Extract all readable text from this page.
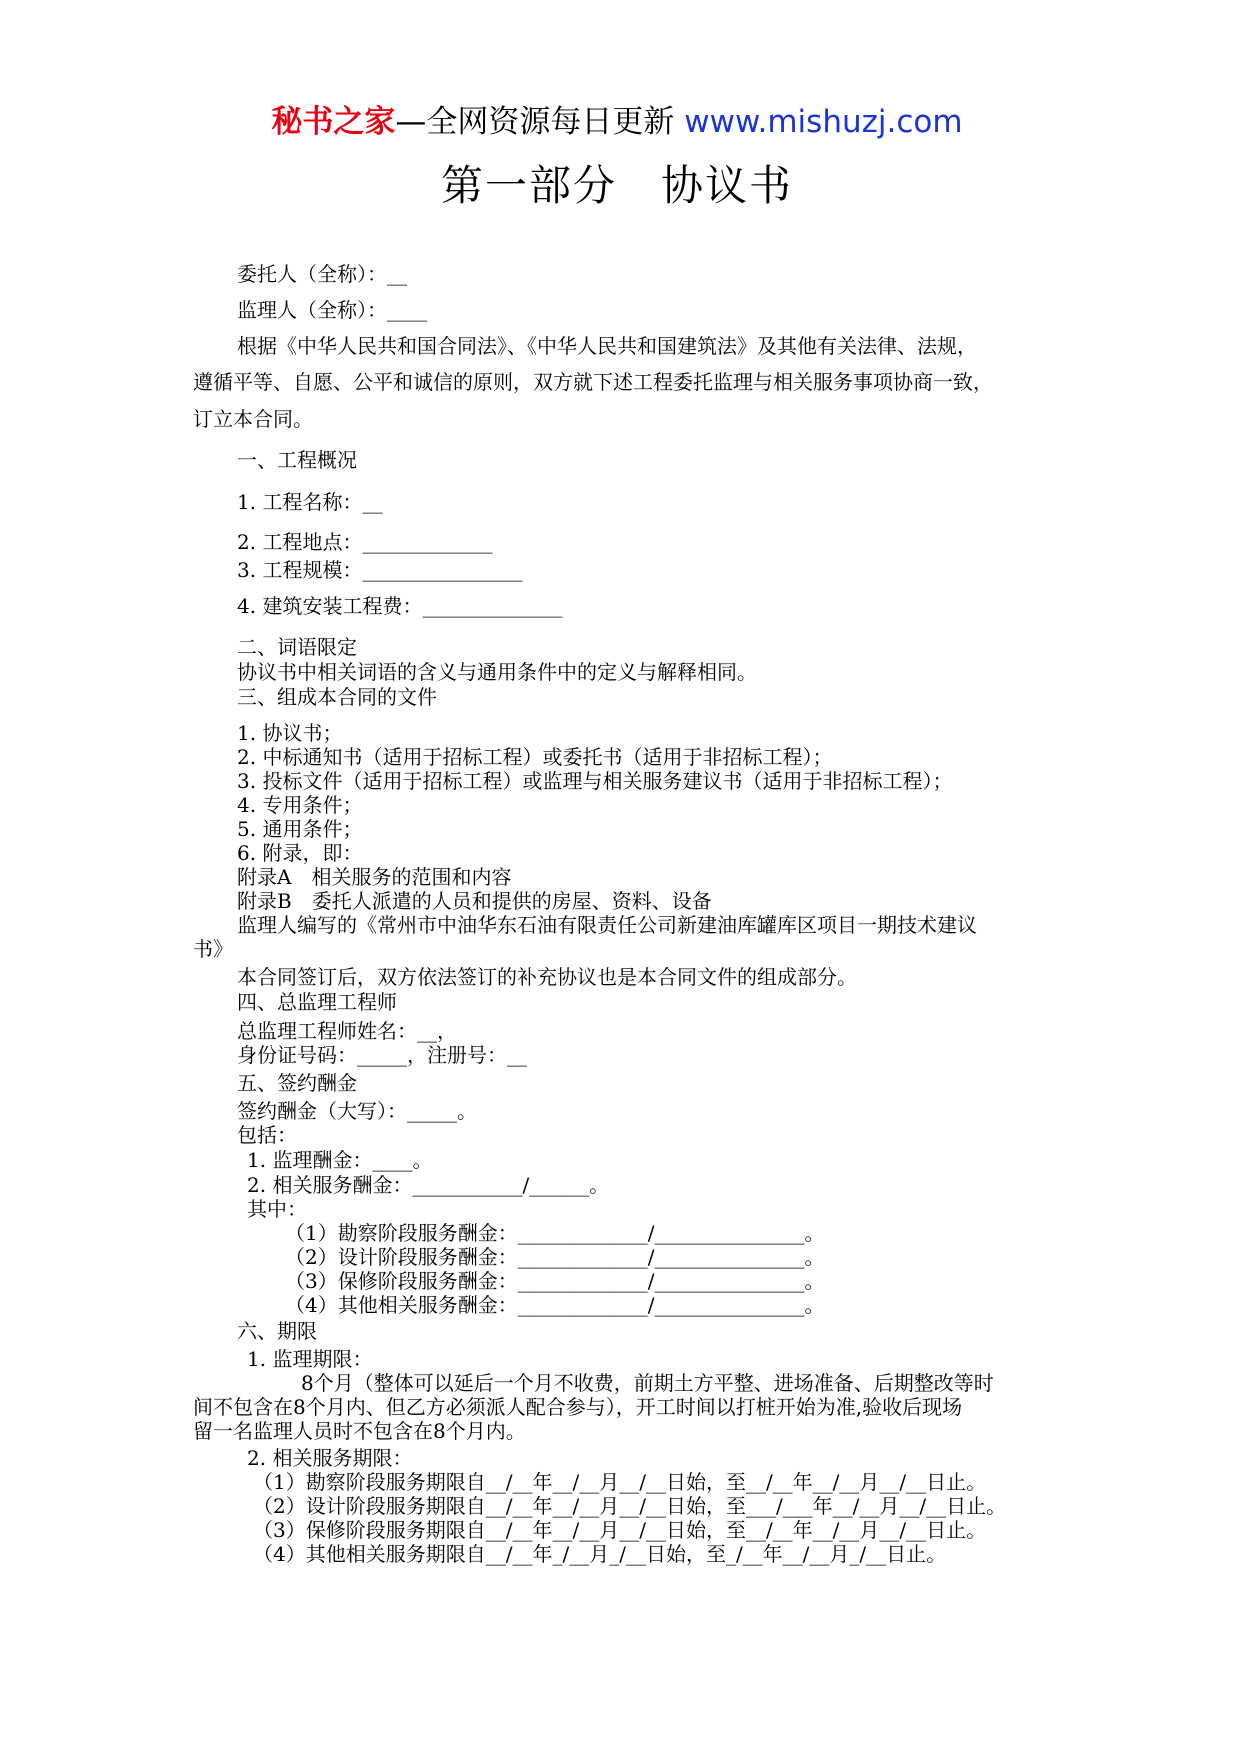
秘书之家—全网资源每日更新 www.mishuzj.com
第一部分　协议书
委托人（全称）：__
监理人（全称）：____
根据《中华人民共和国合同法》、《中华人民共和国建筑法》及其他有关法律、法规，
遵循平等、自愿、公平和诚信的原则，双方就下述工程委托监理与相关服务事项协商一致，
订立本合同。
一、工程概况
1. 工程名称：__
2. 工程地点：_____________
3. 工程规模：________________
4. 建筑安装工程费：______________
二、词语限定
协议书中相关词语的含义与通用条件中的定义与解释相同。
三、组成本合同的文件
1. 协议书；
2. 中标通知书（适用于招标工程）或委托书（适用于非招标工程）；
3. 投标文件（适用于招标工程）或监理与相关服务建议书（适用于非招标工程）；
4. 专用条件；
5. 通用条件；
6. 附录，即：
附录A　相关服务的范围和内容
附录B　委托人派遣的人员和提供的房屋、资料、设备
监理人编写的《常州市中油华东石油有限责任公司新建油库罐库区项目一期技术建议
书》
本合同签订后，双方依法签订的补充协议也是本合同文件的组成部分。
四、总监理工程师
总监理工程师姓名：__，
身份证号码：_____，注册号：__
五、签约酬金
签约酬金（大写）：_____。
包括：
1. 监理酬金：____。
2. 相关服务酬金：___________/______。
其中：
（1）勘察阶段服务酬金：_____________/_______________。
（2）设计阶段服务酬金：_____________/_______________。
（3）保修阶段服务酬金：_____________/_______________。
（4）其他相关服务酬金：_____________/_______________。
六、期限
1. 监理期限：
8个月（整体可以延后一个月不收费，前期土方平整、进场准备、后期整改等时
间不包含在8个月内、但乙方必须派人配合参与），开工时间以打桩开始为准,验收后现场
留一名监理人员时不包含在8个月内。
2. 相关服务期限：
（1）勘察阶段服务期限自__/__年__/__月__/__日始，至__/__年__/__月__/__日止。
（2）设计阶段服务期限自__/__年__/__月__/__日始，至___/___年__/__月__/__日止。
（3）保修阶段服务期限自__/__年__/__月__/__日始，至__/__年__/__月__/__日止。
（4）其他相关服务期限自__/__年_/__月_/__日始，至_/__年__/__月_/__日止。
